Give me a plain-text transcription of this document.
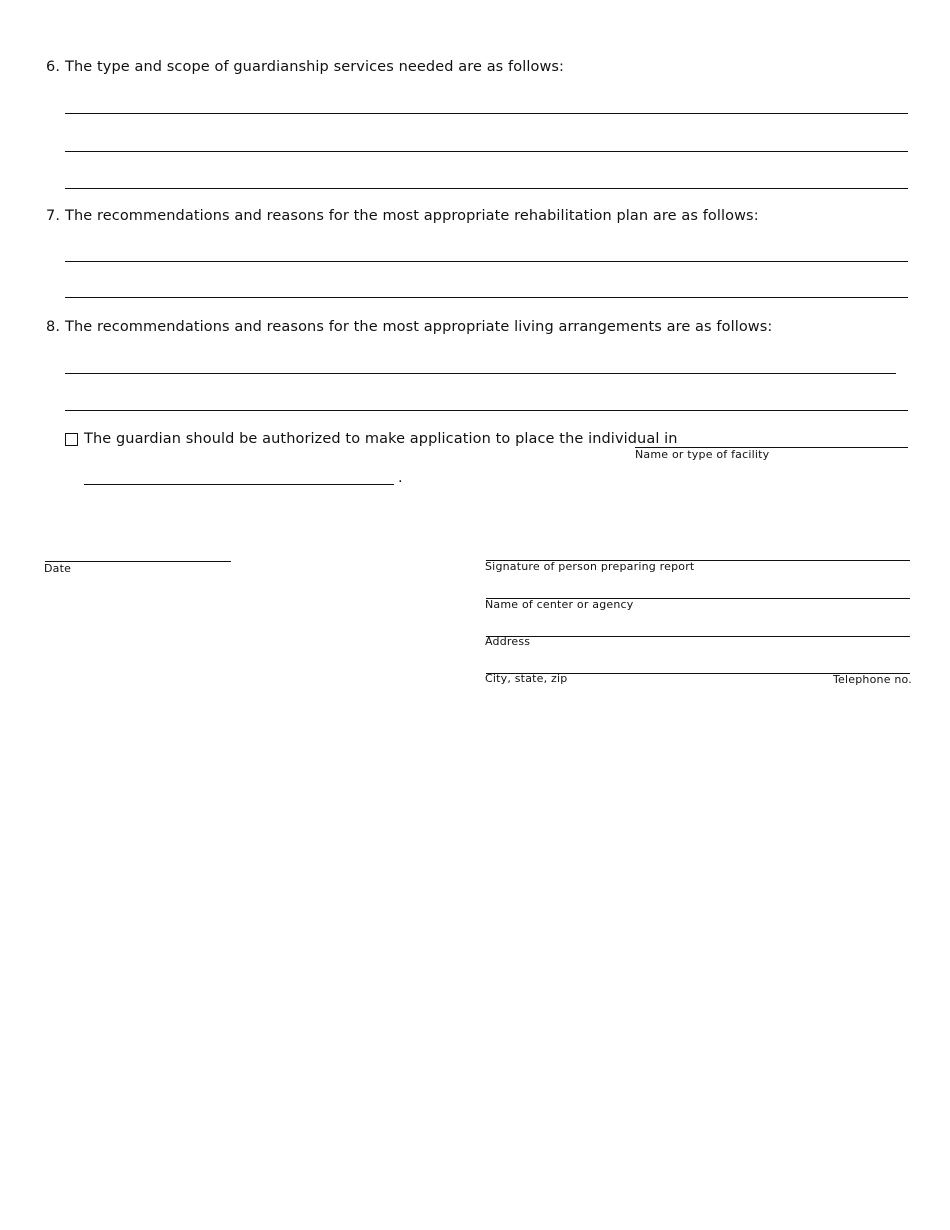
6. The type and scope of guardianship services needed are as follows:
7. The recommendations and reasons for the most appropriate rehabilitation plan are as follows:
8. The recommendations and reasons for the most appropriate living arrangements are as follows:
The guardian should be authorized to make application to place the individual in
Name or type of facility
.
Date	Signature of person preparing report
Name of center or agency
Address
City, state, zip	Telephone no.
